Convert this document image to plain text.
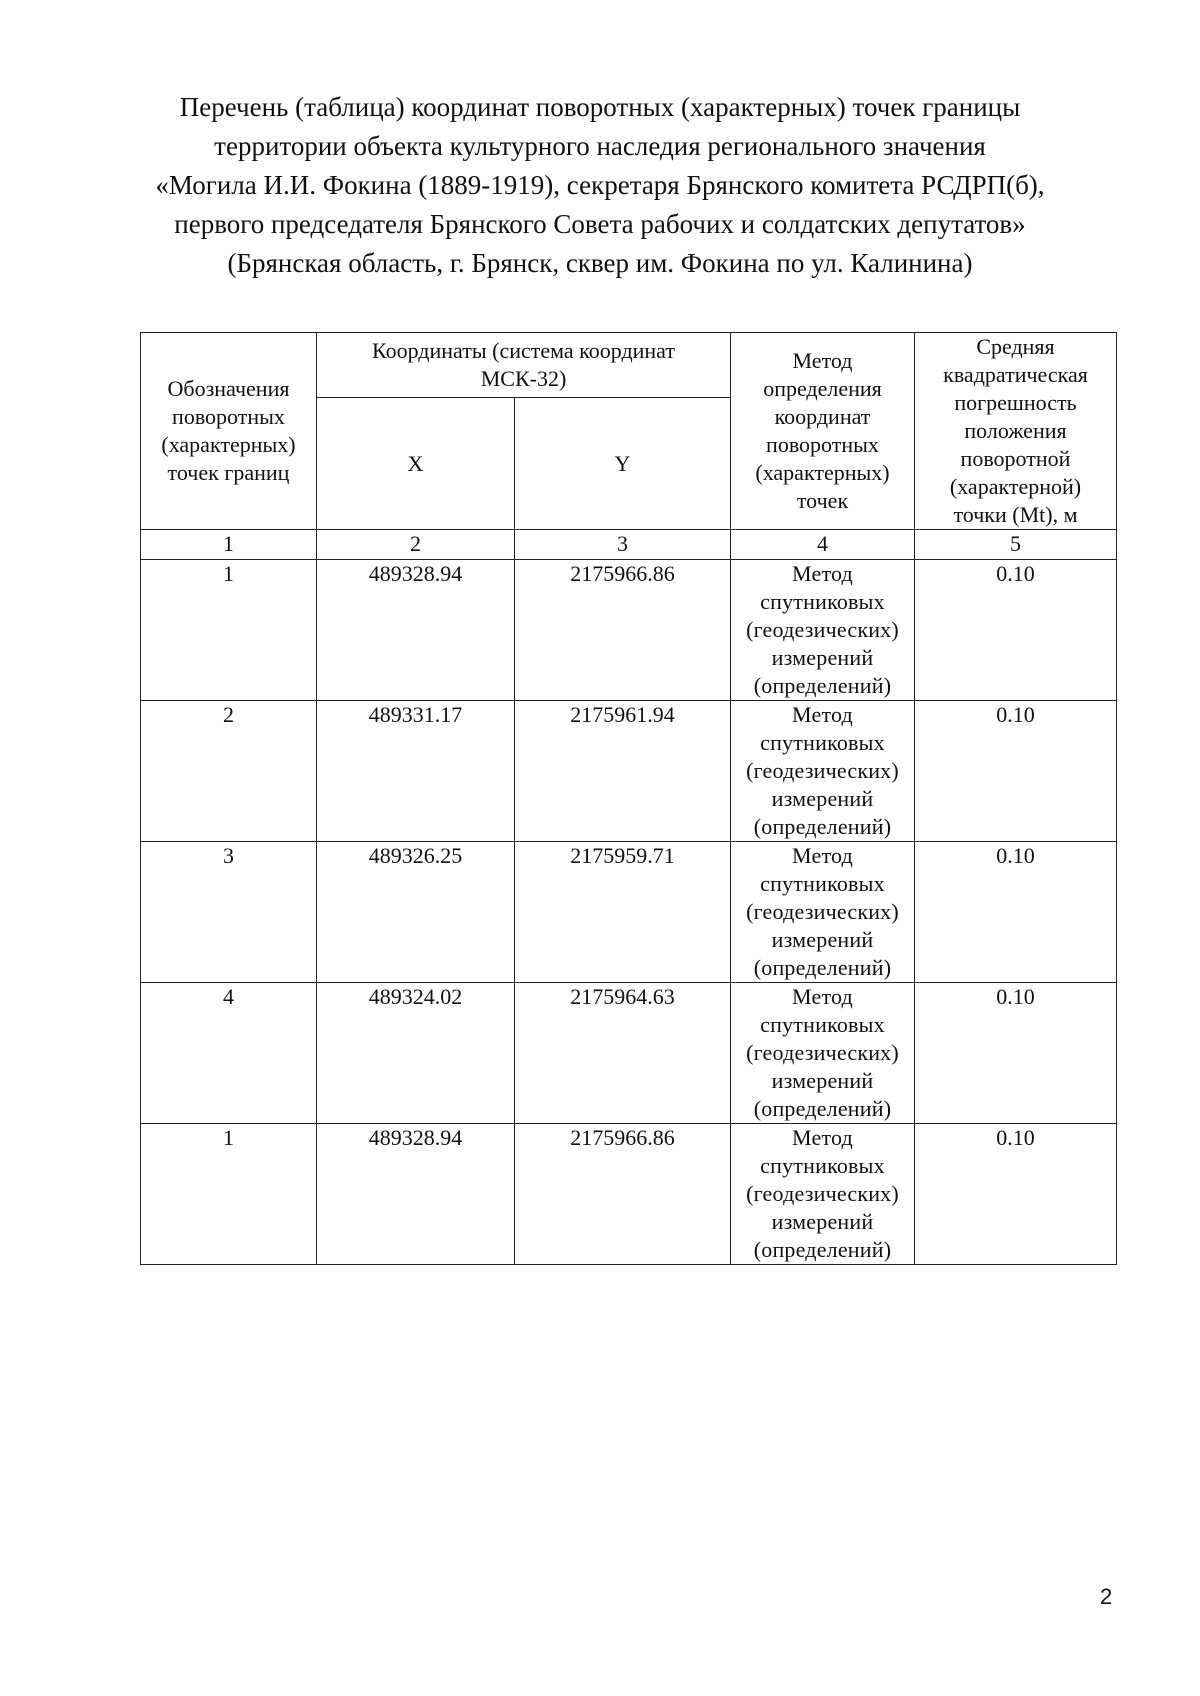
Перечень (таблица) координат поворотных (характерных) точек границы
территории объекта культурного наследия регионального значения
«Могила И.И. Фокина (1889-1919), секретаря Брянского комитета РСДРП(б),
первого председателя Брянского Совета рабочих и солдатских депутатов»
(Брянская область, г. Брянск, сквер им. Фокина по ул. Калинина)
Обозначения поворотных (характерных) точек границ	Координаты (система координат МСК-32)		Метод определения координат поворотных (характерных) точек	Средняя квадратическая погрешность положения поворотной (характерной) точки (Mt), м

	X	Y		
1	2	3	4	5
1	489328.94	2175966.86	Метод спутниковых (геодезических) измерений (определений)	0.10
2	489331.17	2175961.94	Метод спутниковых (геодезических) измерений (определений)	0.10
3	489326.25	2175959.71	Метод спутниковых (геодезических) измерений (определений)	0.10
4	489324.02	2175964.63	Метод спутниковых (геодезических) измерений (определений)	0.10
1	489328.94	2175966.86	Метод спутниковых (геодезических) измерений (определений)	0.10
2
